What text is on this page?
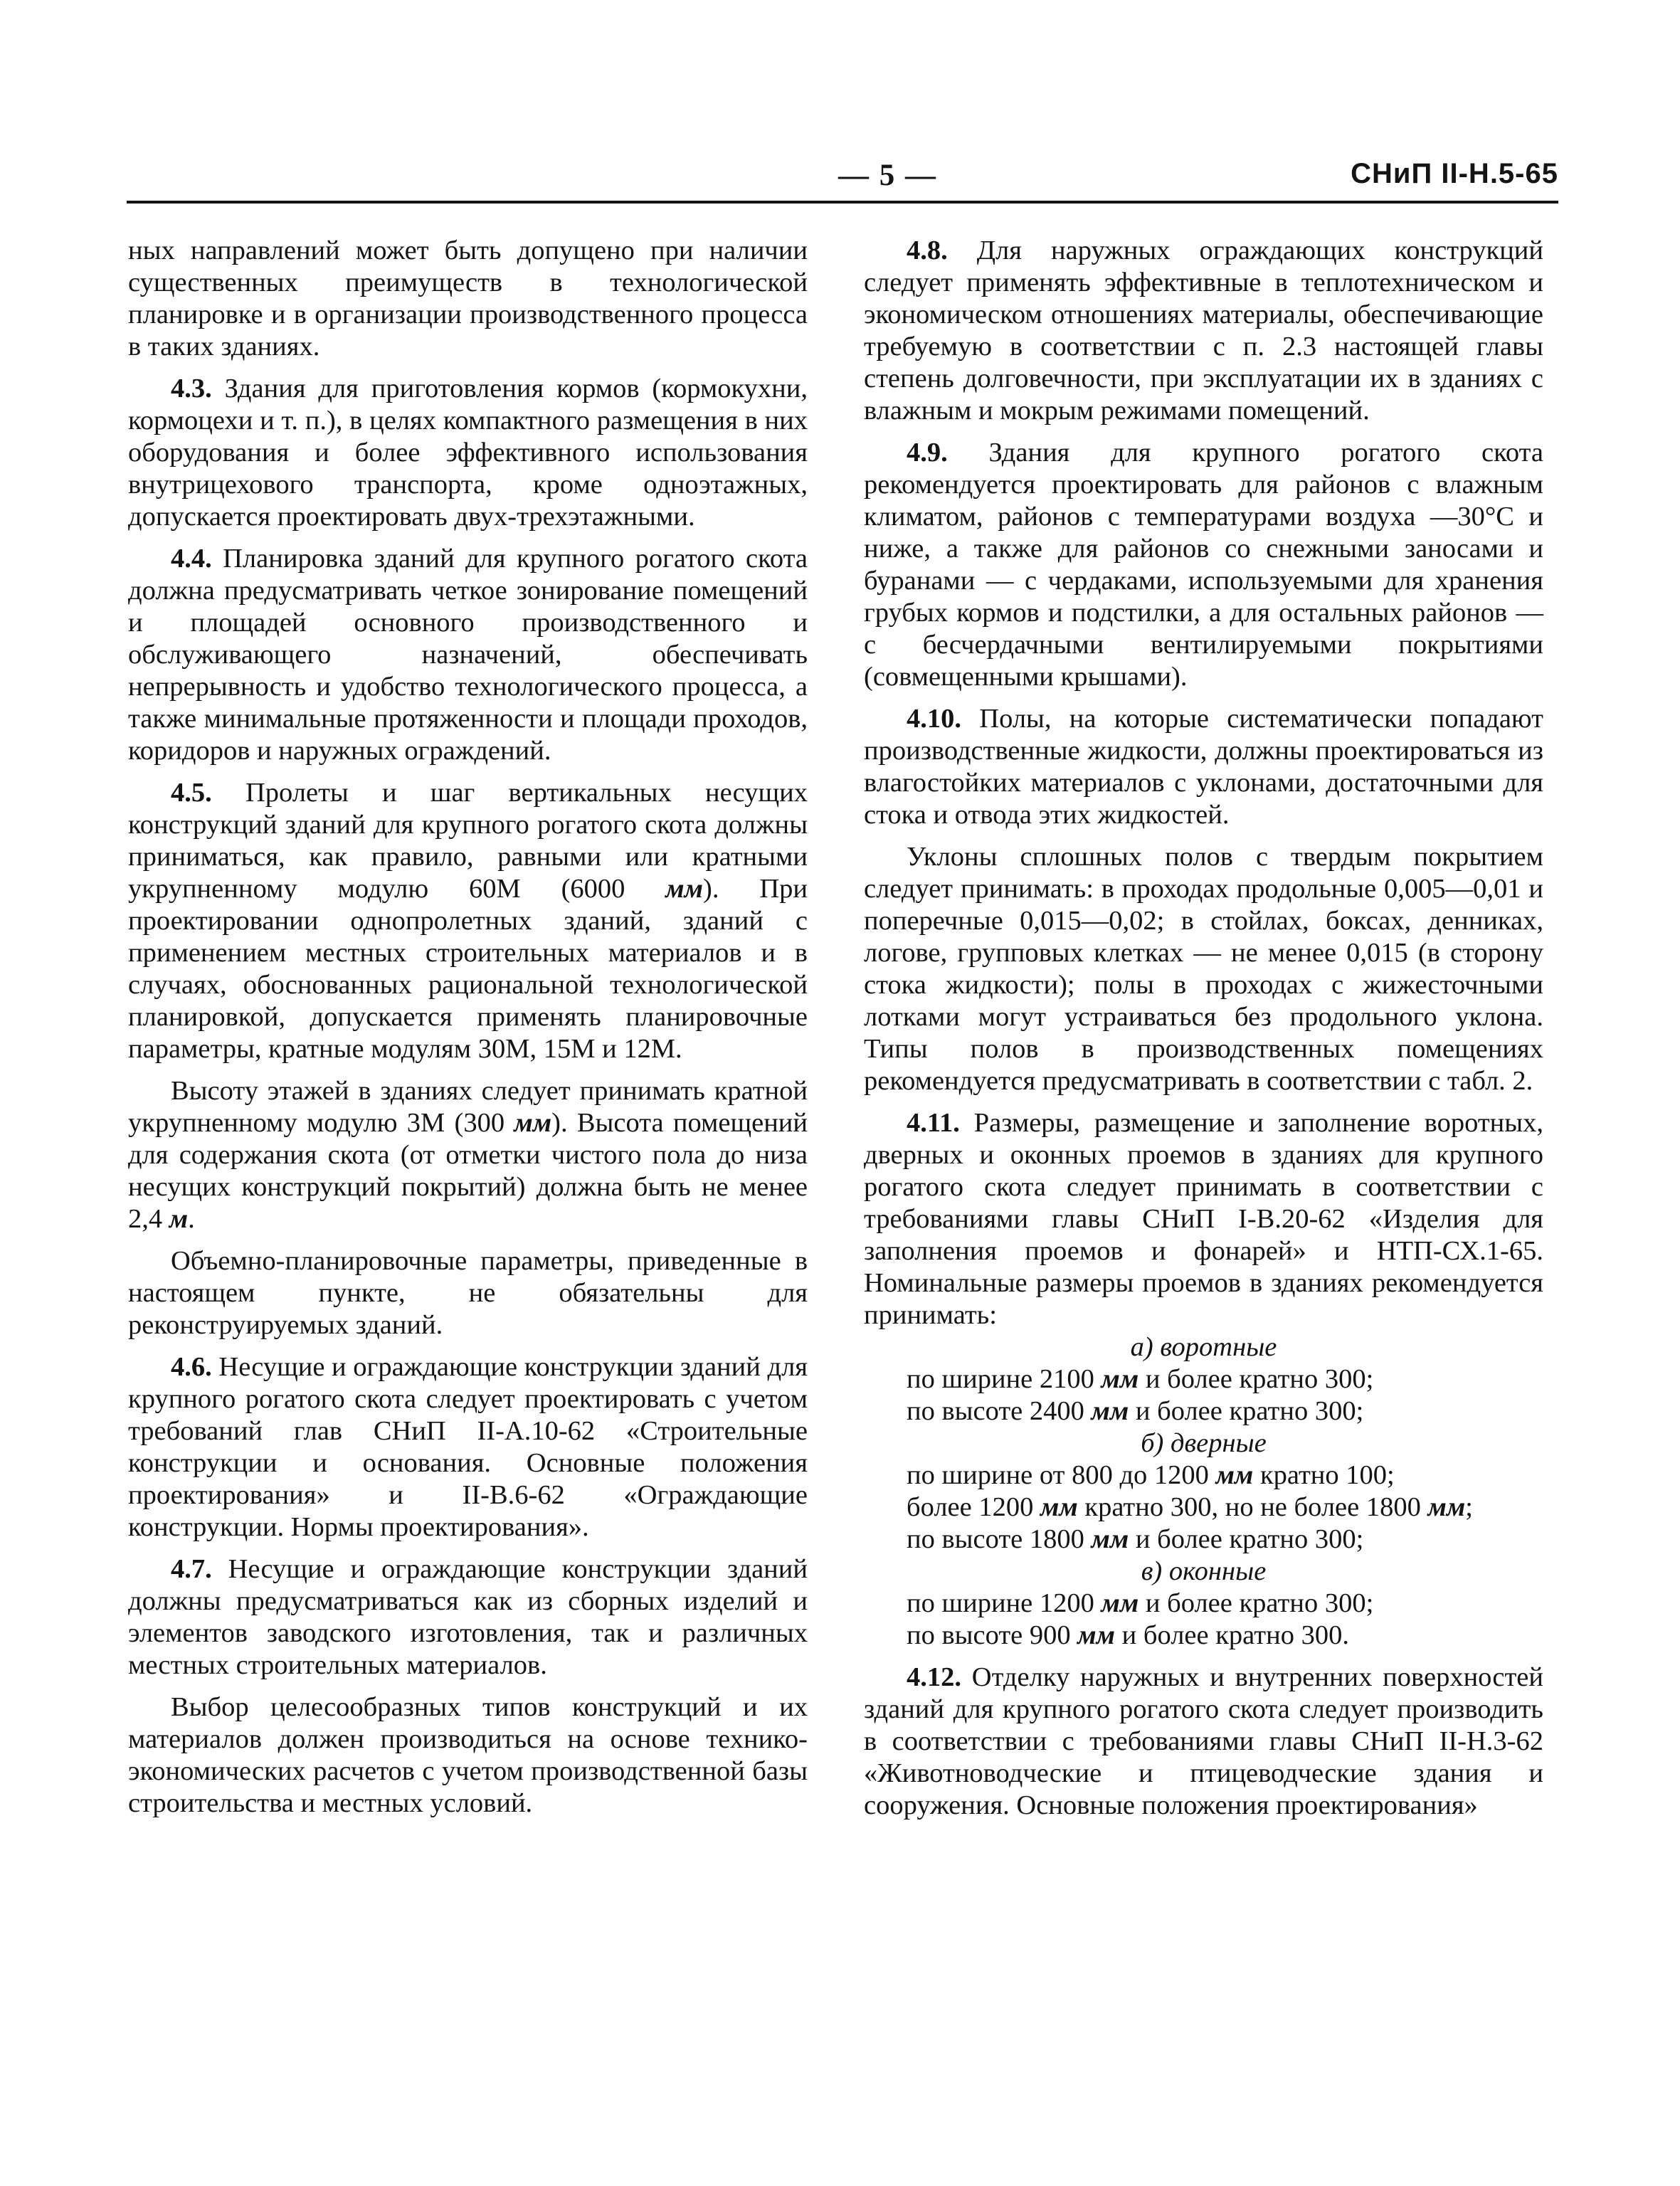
— 5 —	СНиП II-Н.5-65

ных направлений может быть допущено при наличии существенных преимуществ в технологической планировке и в организации производственного процесса в таких зданиях.

4.3. Здания для приготовления кормов (кормокухни, кормоцехи и т. п.), в целях компактного размещения в них оборудования и более эффективного использования внутрицехового транспорта, кроме одноэтажных, допускается проектировать двух-трехэтажными.

4.4. Планировка зданий для крупного рогатого скота должна предусматривать четкое зонирование помещений и площадей основного производственного и обслуживающего назначений, обеспечивать непрерывность и удобство технологического процесса, а также минимальные протяженности и площади проходов, коридоров и наружных ограждений.

4.5. Пролеты и шаг вертикальных несущих конструкций зданий для крупного рогатого скота должны приниматься, как правило, равными или кратными укрупненному модулю 60М (6000 мм). При проектировании однопролетных зданий, зданий с применением местных строительных материалов и в случаях, обоснованных рациональной технологической планировкой, допускается применять планировочные параметры, кратные модулям 30М, 15М и 12М.

Высоту этажей в зданиях следует принимать кратной укрупненному модулю 3М (300 мм). Высота помещений для содержания скота (от отметки чистого пола до низа несущих конструкций покрытий) должна быть не менее 2,4 м.

Объемно-планировочные параметры, приведенные в настоящем пункте, не обязательны для реконструируемых зданий.

4.6. Несущие и ограждающие конструкции зданий для крупного рогатого скота следует проектировать с учетом требований глав СНиП II-А.10-62 «Строительные конструкции и основания. Основные положения проектирования» и II-В.6-62 «Ограждающие конструкции. Нормы проектирования».

4.7. Несущие и ограждающие конструкции зданий должны предусматриваться как из сборных изделий и элементов заводского изготовления, так и различных местных строительных материалов.

Выбор целесообразных типов конструкций и их материалов должен производиться на основе технико-экономических расчетов с учетом производственной базы строительства и местных условий.

4.8. Для наружных ограждающих конструкций следует применять эффективные в теплотехническом и экономическом отношениях материалы, обеспечивающие требуемую в соответствии с п. 2.3 настоящей главы степень долговечности, при эксплуатации их в зданиях с влажным и мокрым режимами помещений.

4.9. Здания для крупного рогатого скота рекомендуется проектировать для районов с влажным климатом, районов с температурами воздуха —30°С и ниже, а также для районов со снежными заносами и буранами — с чердаками, используемыми для хранения грубых кормов и подстилки, а для остальных районов — с бесчердачными вентилируемыми покрытиями (совмещенными крышами).

4.10. Полы, на которые систематически попадают производственные жидкости, должны проектироваться из влагостойких материалов с уклонами, достаточными для стока и отвода этих жидкостей.

Уклоны сплошных полов с твердым покрытием следует принимать: в проходах продольные 0,005—0,01 и поперечные 0,015—0,02; в стойлах, боксах, денниках, логове, групповых клетках — не менее 0,015 (в сторону стока жидкости); полы в проходах с жижесточными лотками могут устраиваться без продольного уклона. Типы полов в производственных помещениях рекомендуется предусматривать в соответствии с табл. 2.

4.11. Размеры, размещение и заполнение воротных, дверных и оконных проемов в зданиях для крупного рогатого скота следует принимать в соответствии с требованиями главы СНиП I-В.20-62 «Изделия для заполнения проемов и фонарей» и НТП-СХ.1-65. Номинальные размеры проемов в зданиях рекомендуется принимать:

а) воротные

по ширине 2100 мм и более кратно 300;

по высоте 2400 мм и более кратно 300;

б) дверные

по ширине от 800 до 1200 мм кратно 100;

более 1200 мм кратно 300, но не более 1800 мм;

по высоте 1800 мм и более кратно 300;

в) оконные

по ширине 1200 мм и более кратно 300;

по высоте 900 мм и более кратно 300.

4.12. Отделку наружных и внутренних поверхностей зданий для крупного рогатого скота следует производить в соответствии с требованиями главы СНиП II-Н.3-62 «Животноводческие и птицеводческие здания и сооружения. Основные положения проектирования»
